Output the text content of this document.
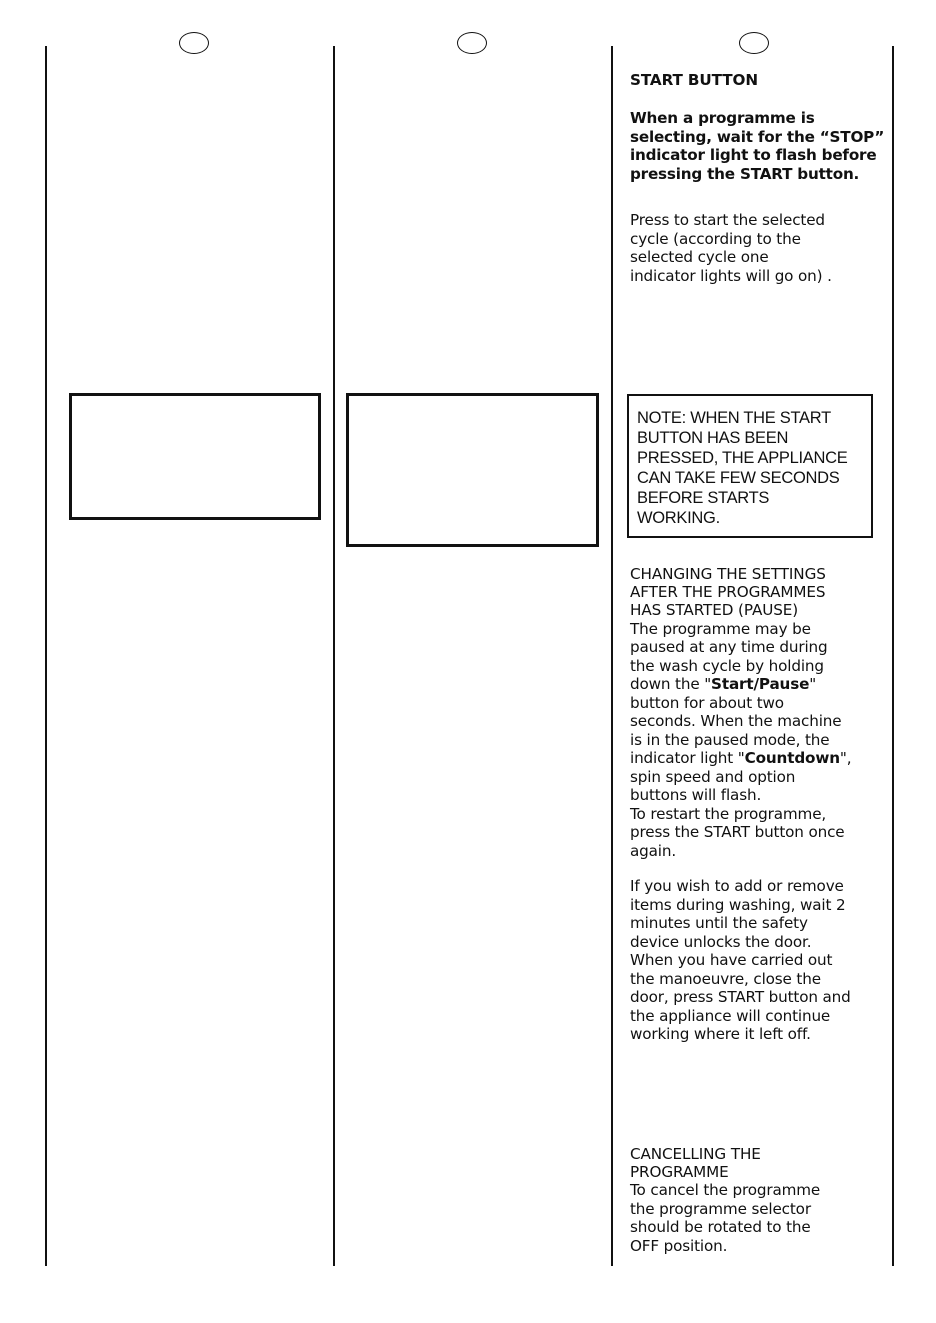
START BUTTON

When a programme is
selecting, wait for the “STOP”
indicator light to flash before
pressing the START button.

Press to start the selected
cycle (according to the
selected cycle one
indicator lights will go on) .

NOTE: WHEN THE START
BUTTON HAS BEEN
PRESSED, THE APPLIANCE
CAN TAKE FEW SECONDS
BEFORE STARTS
WORKING.

CHANGING THE SETTINGS
AFTER THE PROGRAMMES
HAS STARTED (PAUSE)

The programme may be
paused at any time during
the wash cycle by holding
down the "Start/Pause"
button for about two
seconds. When the machine
is in the paused mode, the
indicator light "Countdown",
spin speed and option
buttons will flash.
To restart the programme,
press the START button once
again.

If you wish to add or remove
items during washing, wait 2
minutes until the safety
device unlocks the door.
When you have carried out
the manoeuvre, close the
door, press START button and
the appliance will continue
working where it left off.

CANCELLING THE
PROGRAMME

To cancel the programme
the programme selector
should be rotated to the
OFF position.
